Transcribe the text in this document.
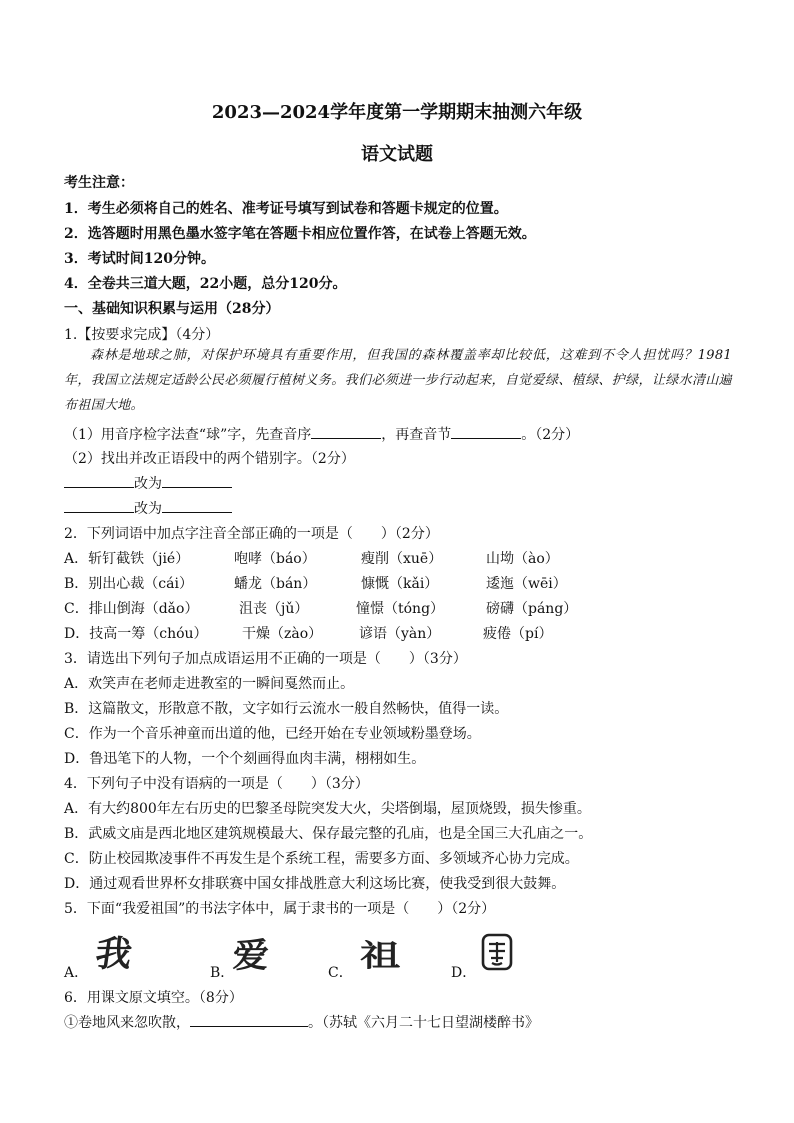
2023—2024学年度第一学期期末抽测六年级
语文试题
考生注意：
1．考生必须将自己的姓名、准考证号填写到试卷和答题卡规定的位置。
2．选答题时用黑色墨水签字笔在答题卡相应位置作答，在试卷上答题无效。
3．考试时间120分钟。
4．全卷共三道大题，22小题，总分120分。
一、基础知识积累与运用（28分）
1.【按要求完成】（4分）

森林是地球之肺，对保护环境具有重要作用，但我国的森林覆盖率却比较低，这难到不令人担忧吗？1981年，我国立法规定适龄公民必须履行植树义务。我们必须进一步行动起来，自觉爱绿、植绿、护绿，让绿水清山遍布祖国大地。

（1）用音序检字法查“球”字，先查音序	，再查音节	。（2分）
（2）找出并改正语段中的两个错别字。（2分）
改为
改为
2．下列词语中加点字注音全部正确的一项是（　　）（2分）
A．斩钉截铁（jié）	咆哮（báo）	瘦削（xuē）	山坳（ào）
B．别出心裁（cái）	蟠龙（bán）	慷慨（kǎi）	逶迤（wēi）
C．排山倒海（dǎo）	沮丧（jǔ）	憧憬（tóng）	磅礴（páng）
D．技高一筹（chóu） 干燥（zào）	谚语（yàn）	疲倦（pí）
3．请选出下列句子加点成语运用不正确的一项是（　　）（3分）
A．欢笑声在老师走进教室的一瞬间戛然而止。
B．这篇散文，形散意不散，文字如行云流水一般自然畅快，值得一读。
C．作为一个音乐神童而出道的他，已经开始在专业领域粉墨登场。
D．鲁迅笔下的人物，一个个刻画得血肉丰满，栩栩如生。
4．下列句子中没有语病的一项是（　　）（3分）
A．有大约800年左右历史的巴黎圣母院突发大火，尖塔倒塌，屋顶烧毁，损失惨重。
B．武威文庙是西北地区建筑规模最大、保存最完整的孔庙，也是全国三大孔庙之一。
C．防止校园欺凌事件不再发生是个系统工程，需要多方面、多领域齐心协力完成。
D．通过观看世界杯女排联赛中国女排战胜意大利这场比赛，使我受到很大鼓舞。
5．下面“我爱祖国”的书法字体中，属于隶书的一项是（　　）（2分）
我	爱	祖
A．	B．	C．	D．
6．用课文原文填空。（8分）
①卷地风来忽吹散，	。（苏轼《六月二十七日望湖楼醉书》
